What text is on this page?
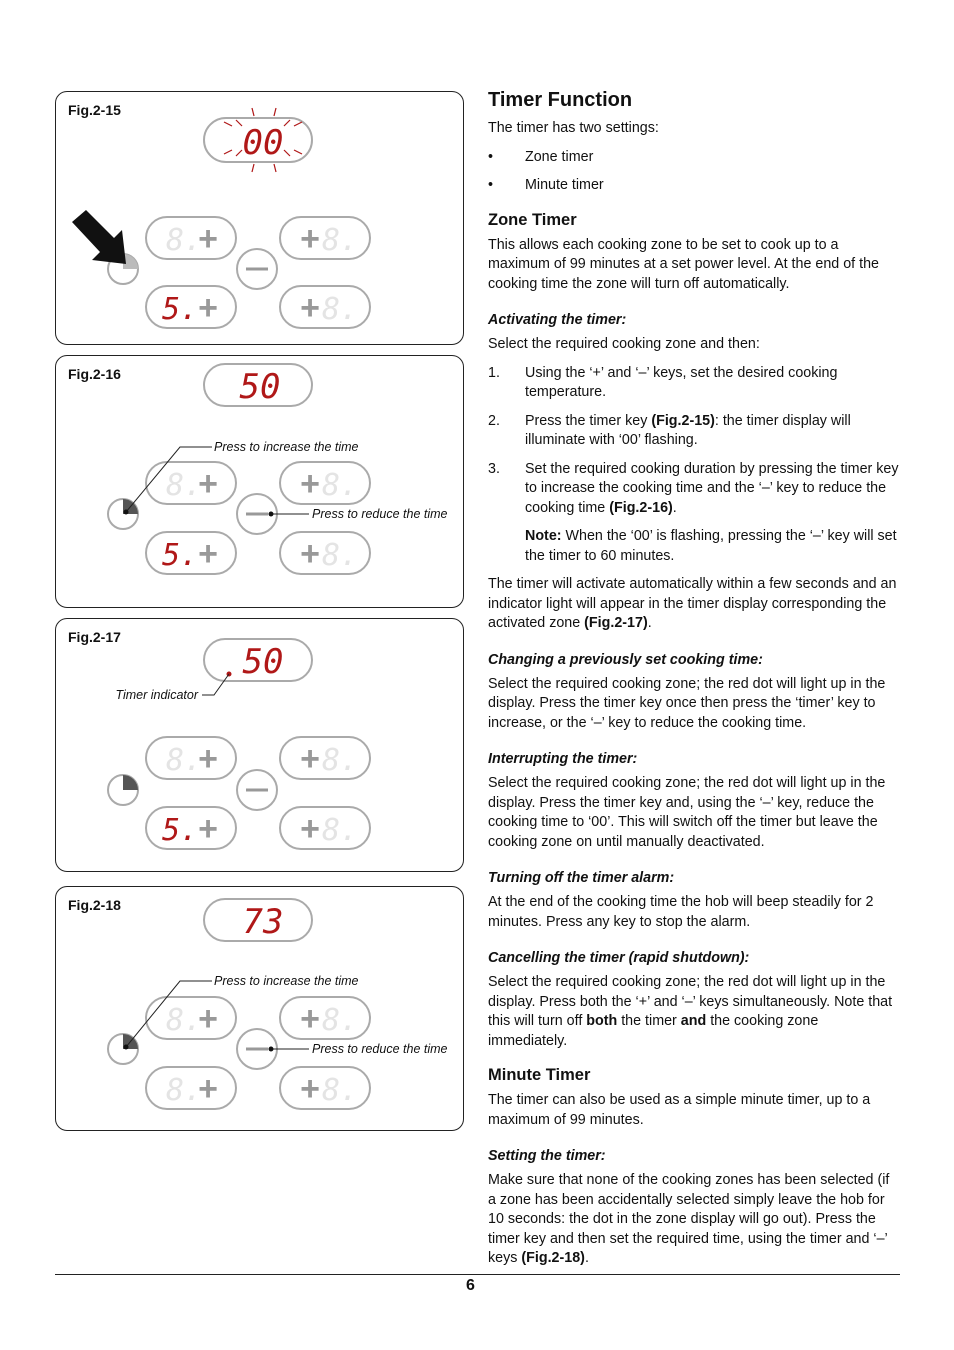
Fig.2-15
00
8.
+ + 8.
5. + + 8.
Fig.2-16	50
8.
+ + 8.
5. + + 8.
Press to increase the time
Press to reduce the time
Fig.2-17
50
Timer indicator
8.
+ + 8.
5. + + 8.
Fig.2-18	73
8.
+ + 8.
8.
+ + 8.
Press to increase the time
Press to reduce the time
Timer Function

The timer has two settings:

• Zone timer
• Minute timer
Zone Timer

This allows each cooking zone to be set to cook up to a maximum of 99 minutes at a set power level. At the end of the cooking time the zone will turn off automatically.

Activating the timer:

Select the required cooking zone and then:

1. Using the ‘+’ and ‘–’ keys, set the desired cooking temperature.
2. Press the timer key (Fig.2-15): the timer display will illuminate with ‘00’ flashing.
3. Set the required cooking duration by pressing the timer key to increase the cooking time and the ‘–’ key to reduce the cooking time (Fig.2-16).

Note: When the ‘00’ is flashing, pressing the ‘–’ key will set the timer to 60 minutes.

The timer will activate automatically within a few seconds and an indicator light will appear in the timer display corresponding the activated zone (Fig.2-17).

Changing a previously set cooking time:

Select the required cooking zone; the red dot will light up in the display. Press the timer key once then press the ‘timer’ key to increase, or the ‘–’ key to reduce the cooking time.

Interrupting the timer:

Select the required cooking zone; the red dot will light up in the display. Press the timer key and, using the ‘–’ key, reduce the cooking time to ‘00’. This will switch off the timer but leave the cooking zone on until manually deactivated.

Turning off the timer alarm:

At the end of the cooking time the hob will beep steadily for 2 minutes. Press any key to stop the alarm.

Cancelling the timer (rapid shutdown):

Select the required cooking zone; the red dot will light up in the display. Press both the ‘+’ and ‘–’ keys simultaneously. Note that this will turn off both the timer and the cooking zone immediately.

Minute Timer

The timer can also be used as a simple minute timer, up to a maximum of 99 minutes.

Setting the timer:

Make sure that none of the cooking zones has been selected (if a zone has been accidentally selected simply leave the hob for 10 seconds: the dot in the zone display will go out). Press the timer key and then set the required time, using the timer and ‘–’ keys (Fig.2-18).

6
